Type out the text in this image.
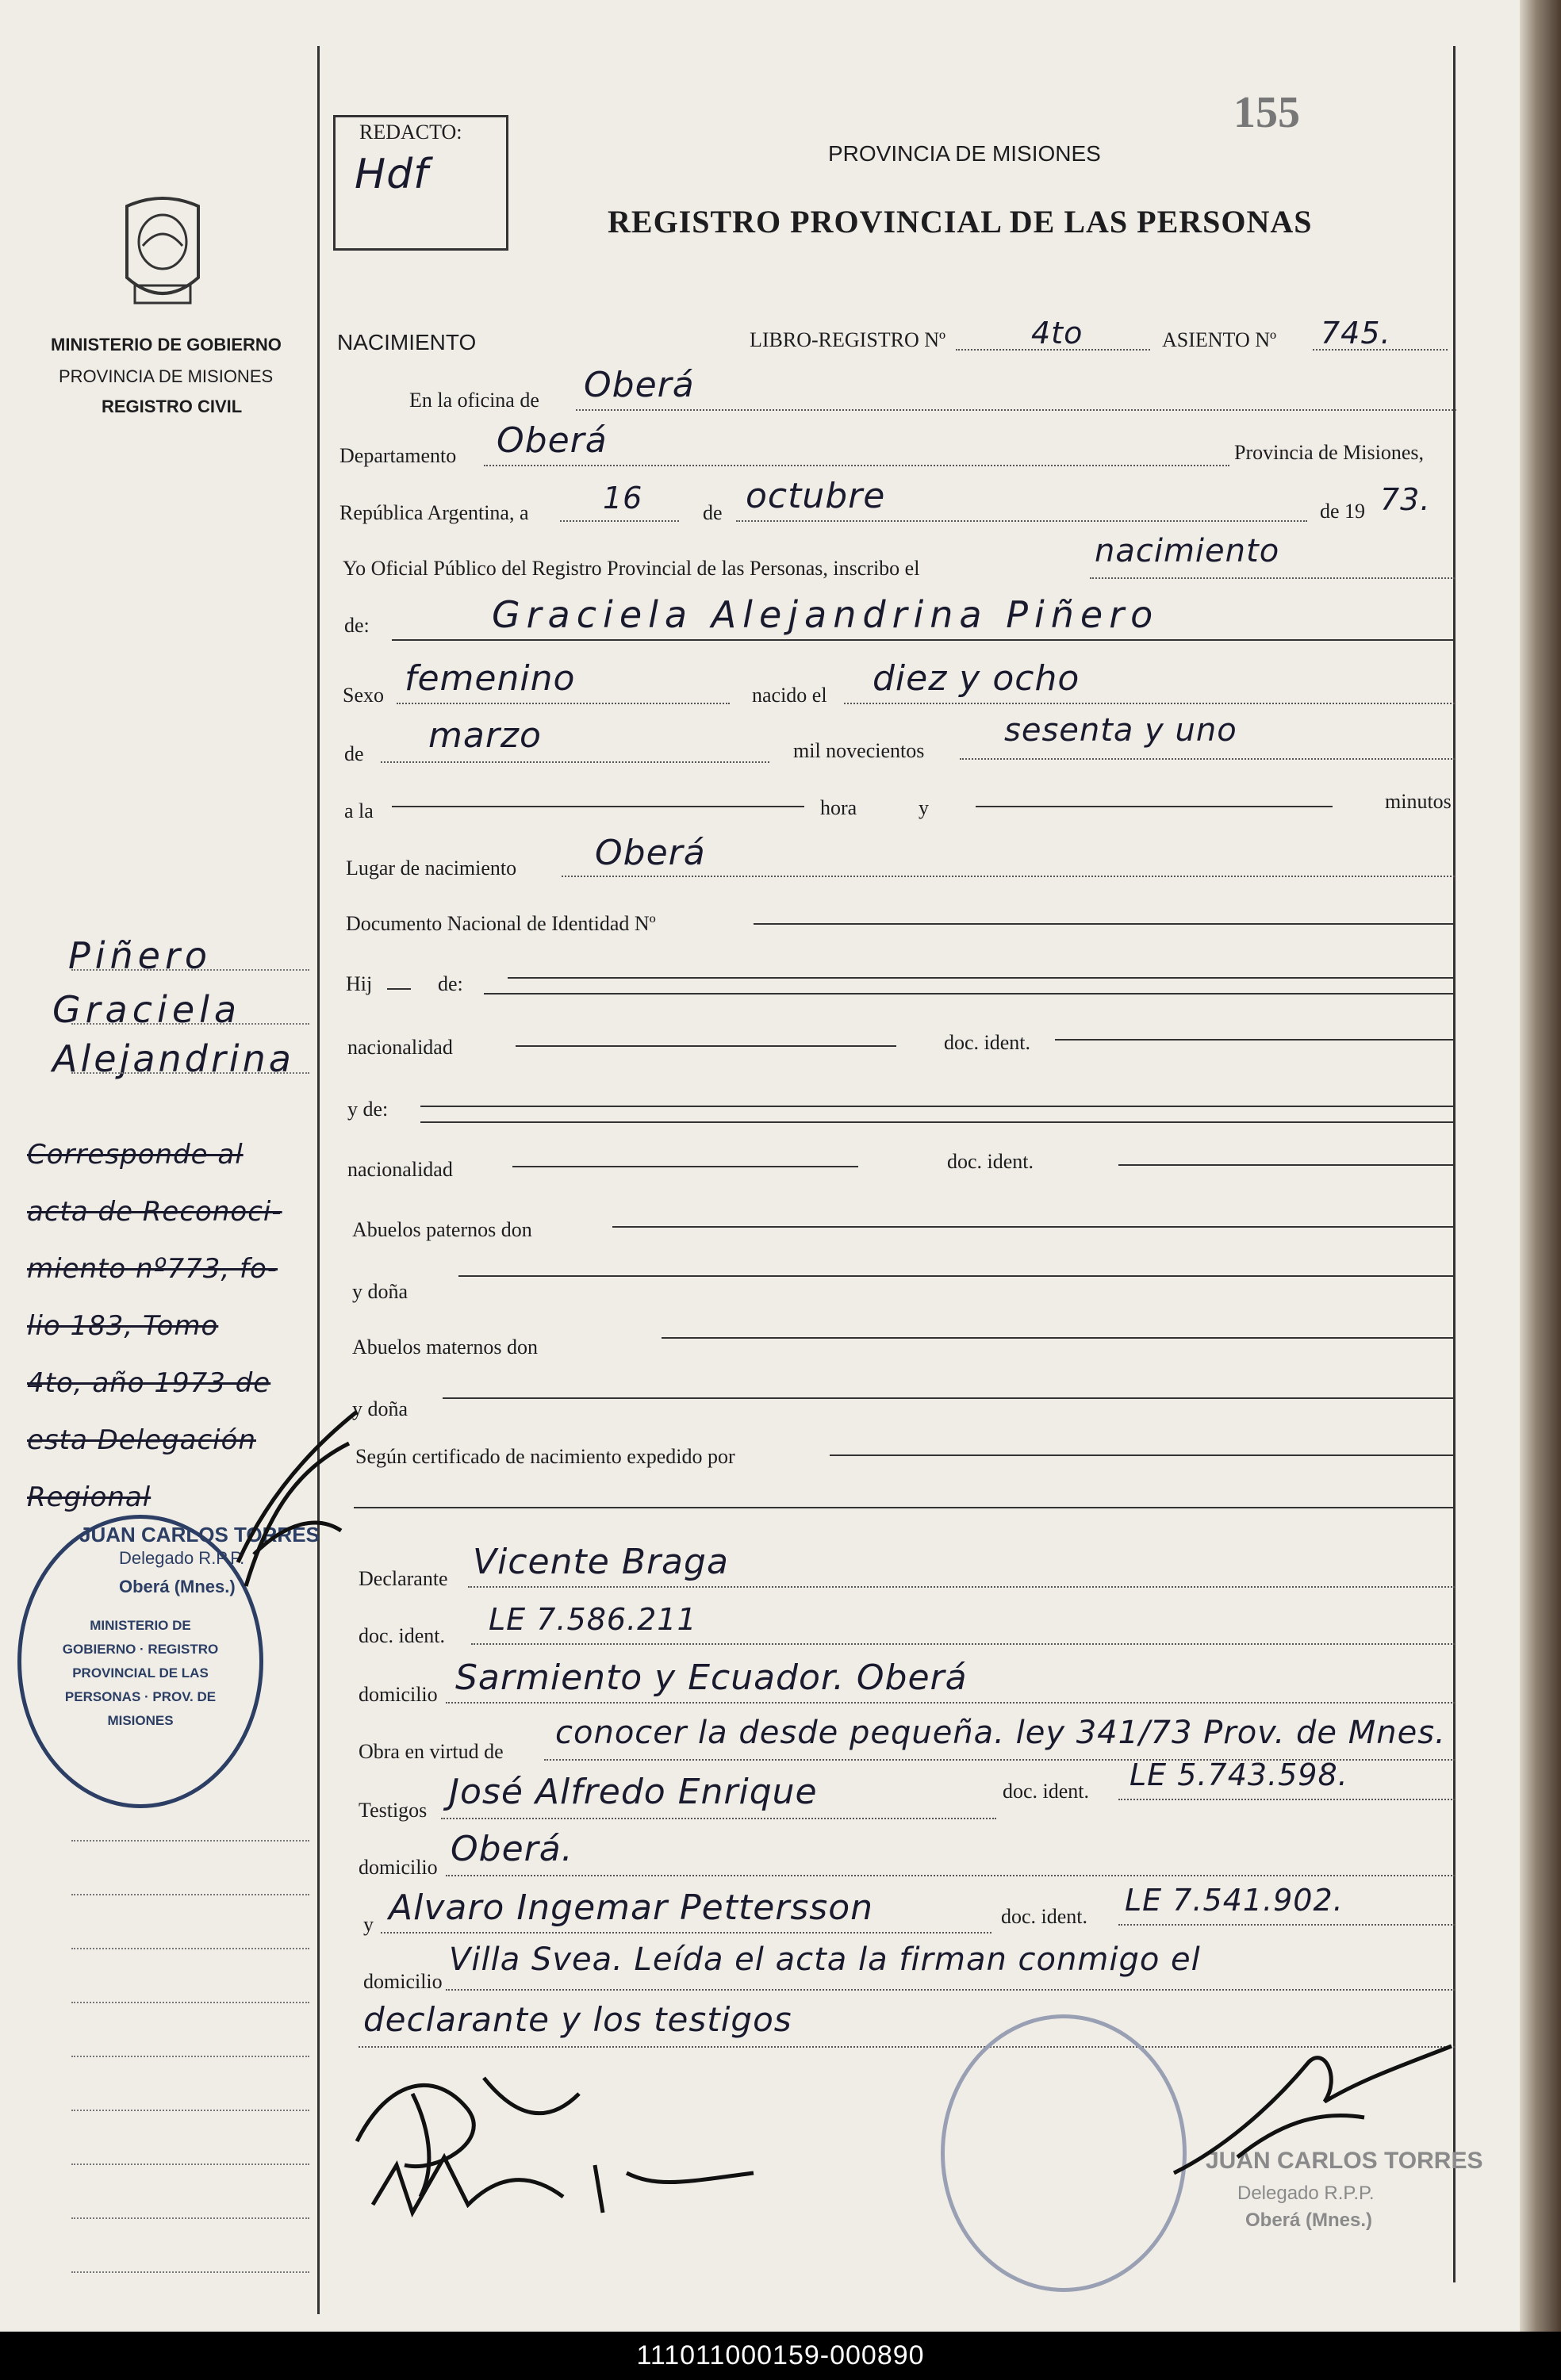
MINISTERIO DE GOBIERNO
PROVINCIA DE MISIONES
REGISTRO CIVIL
REDACTO:
Hdf
155
PROVINCIA DE MISIONES
REGISTRO PROVINCIAL DE LAS PERSONAS
NACIMIENTO	LIBRO-REGISTRO Nº	4to	ASIENTO Nº 745.
En la oficina de Oberá
Departamento Oberá	Provincia de Misiones,
República Argentina, a 16	de octubre	de 19 73.
Yo Oficial Público del Registro Provincial de las Personas, inscribo el	nacimiento
de:	Graciela Alejandrina Piñero
Sexo femenino	nacido el diez y ocho
de marzo	mil novecientos
sesenta y uno
a la	hora	y	minutos
Lugar de nacimiento Oberá
Documento Nacional de Identidad Nº
Hij	de:
nacionalidad	doc. ident.
y de:
nacionalidad	doc. ident.
Abuelos paternos don
y doña
Abuelos maternos don
y doña
Según certificado de nacimiento expedido por
Declarante Vicente Braga
doc. ident. LE 7.586.211
domicilio Sarmiento y Ecuador. Oberá
Obra en virtud de
conocer la desde pequeña. ley 341/73 Prov. de Mnes.
Testigos José Alfredo Enrique	doc. ident. LE 5.743.598.
domicilio Oberá.
y Alvaro Ingemar Pettersson	doc. ident. LE 7.541.902.
domicilio
Villa Svea. Leída el acta la firman conmigo el
declarante y los testigos
Piñero
Graciela
Alejandrina
Corresponde al
acta de Reconoci-
miento nº773, fo-
lio 183, Tomo
4to, año 1973 de
esta Delegación
Regional
MINISTERIO DE GOBIERNO · REGISTRO PROVINCIAL DE LAS PERSONAS · PROV. DE MISIONES
JUAN CARLOS TORRES
Delegado R.P.P.
Oberá (Mnes.)
JUAN CARLOS TORRES
Delegado R.P.P.
Oberá (Mnes.)
111011000159-000890
